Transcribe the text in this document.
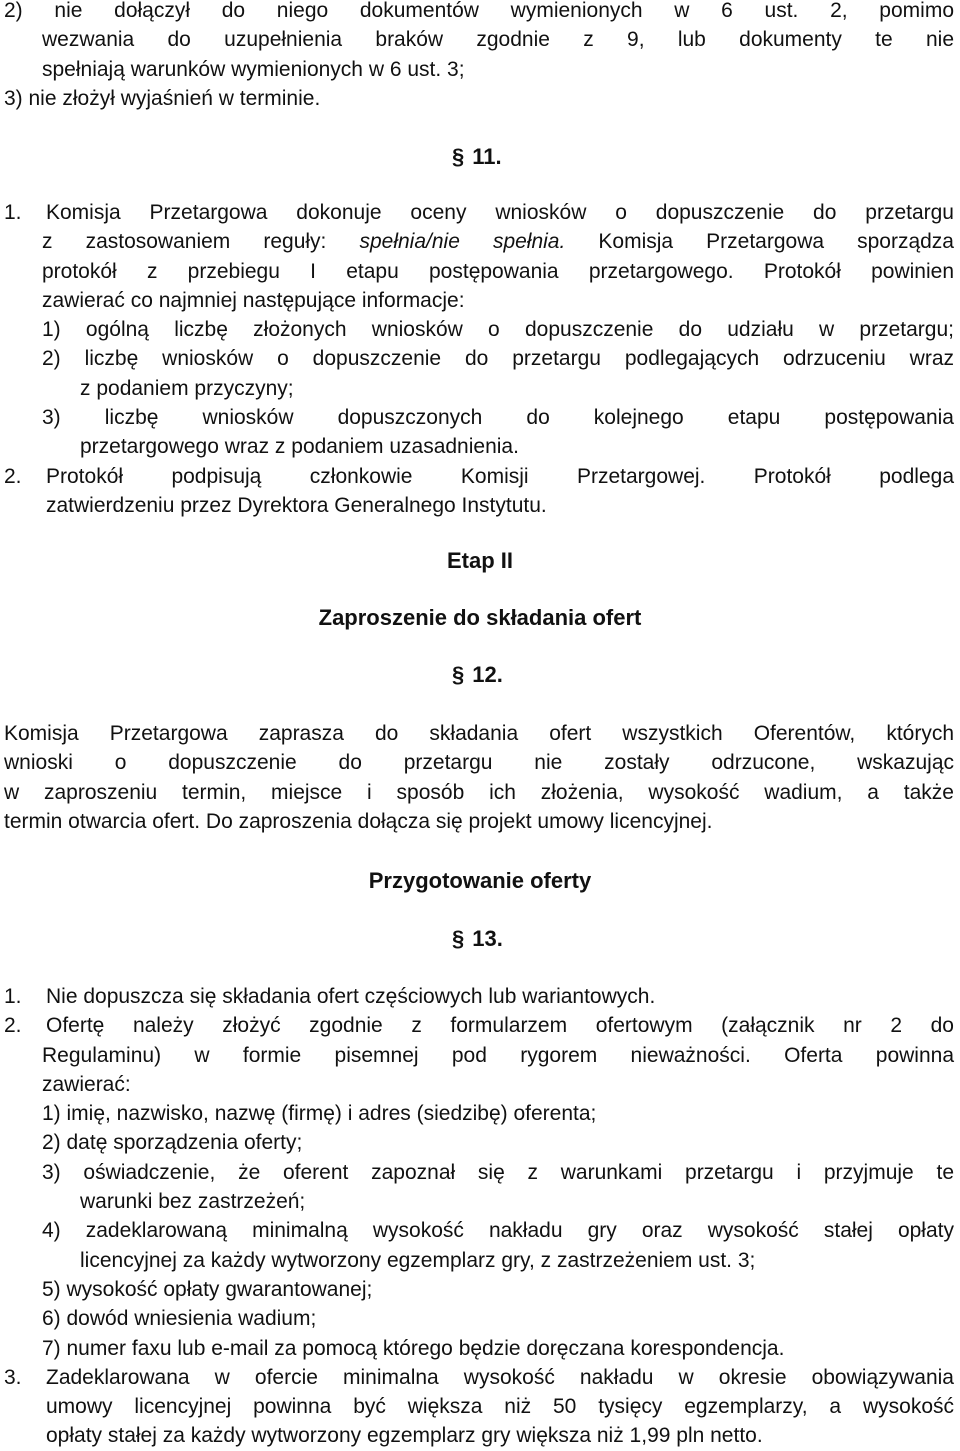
2) nie dołączył do niego dokumentów wymienionych w 6 ust. 2, pomimo
wezwania do uzupełnienia braków zgodnie z 9, lub dokumenty te nie
spełniają warunków wymienionych w 6 ust. 3;
3) nie złożył wyjaśnień w terminie.
§ 11.
1. Komisja Przetargowa dokonuje oceny wniosków o dopuszczenie do przetargu
z zastosowaniem reguły: spełnia/nie spełnia. Komisja Przetargowa sporządza
protokół z przebiegu I etapu postępowania przetargowego. Protokół powinien
zawierać co najmniej następujące informacje:
1) ogólną liczbę złożonych wniosków o dopuszczenie do udziału w przetargu;
2) liczbę wniosków o dopuszczenie do przetargu podlegających odrzuceniu wraz
z podaniem przyczyny;
3) liczbę wniosków dopuszczonych do kolejnego etapu postępowania
przetargowego wraz z podaniem uzasadnienia.
2. Protokół podpisują członkowie Komisji Przetargowej. Protokół podlega
zatwierdzeniu przez Dyrektora Generalnego Instytutu.
Etap II
Zaproszenie do składania ofert
§ 12.
Komisja Przetargowa zaprasza do składania ofert wszystkich Oferentów, których
wnioski o dopuszczenie do przetargu nie zostały odrzucone, wskazując
w zaproszeniu termin, miejsce i sposób ich złożenia, wysokość wadium, a także
termin otwarcia ofert. Do zaproszenia dołącza się projekt umowy licencyjnej.
Przygotowanie oferty
§ 13.
1. Nie dopuszcza się składania ofert częściowych lub wariantowych.
2. Ofertę należy złożyć zgodnie z formularzem ofertowym (załącznik nr 2 do
Regulaminu) w formie pisemnej pod rygorem nieważności. Oferta powinna
zawierać:
1) imię, nazwisko, nazwę (firmę) i adres (siedzibę) oferenta;
2) datę sporządzenia oferty;
3) oświadczenie, że oferent zapoznał się z warunkami przetargu i przyjmuje te
warunki bez zastrzeżeń;
4) zadeklarowaną minimalną wysokość nakładu gry oraz wysokość stałej opłaty
licencyjnej za każdy wytworzony egzemplarz gry, z zastrzeżeniem ust. 3;
5) wysokość opłaty gwarantowanej;
6) dowód wniesienia wadium;
7) numer faxu lub e-mail za pomocą którego będzie doręczana korespondencja.
3. Zadeklarowana w ofercie minimalna wysokość nakładu w okresie obowiązywania
umowy licencyjnej powinna być większa niż 50 tysięcy egzemplarzy, a wysokość
opłaty stałej za każdy wytworzony egzemplarz gry większa niż 1,99 pln netto.
